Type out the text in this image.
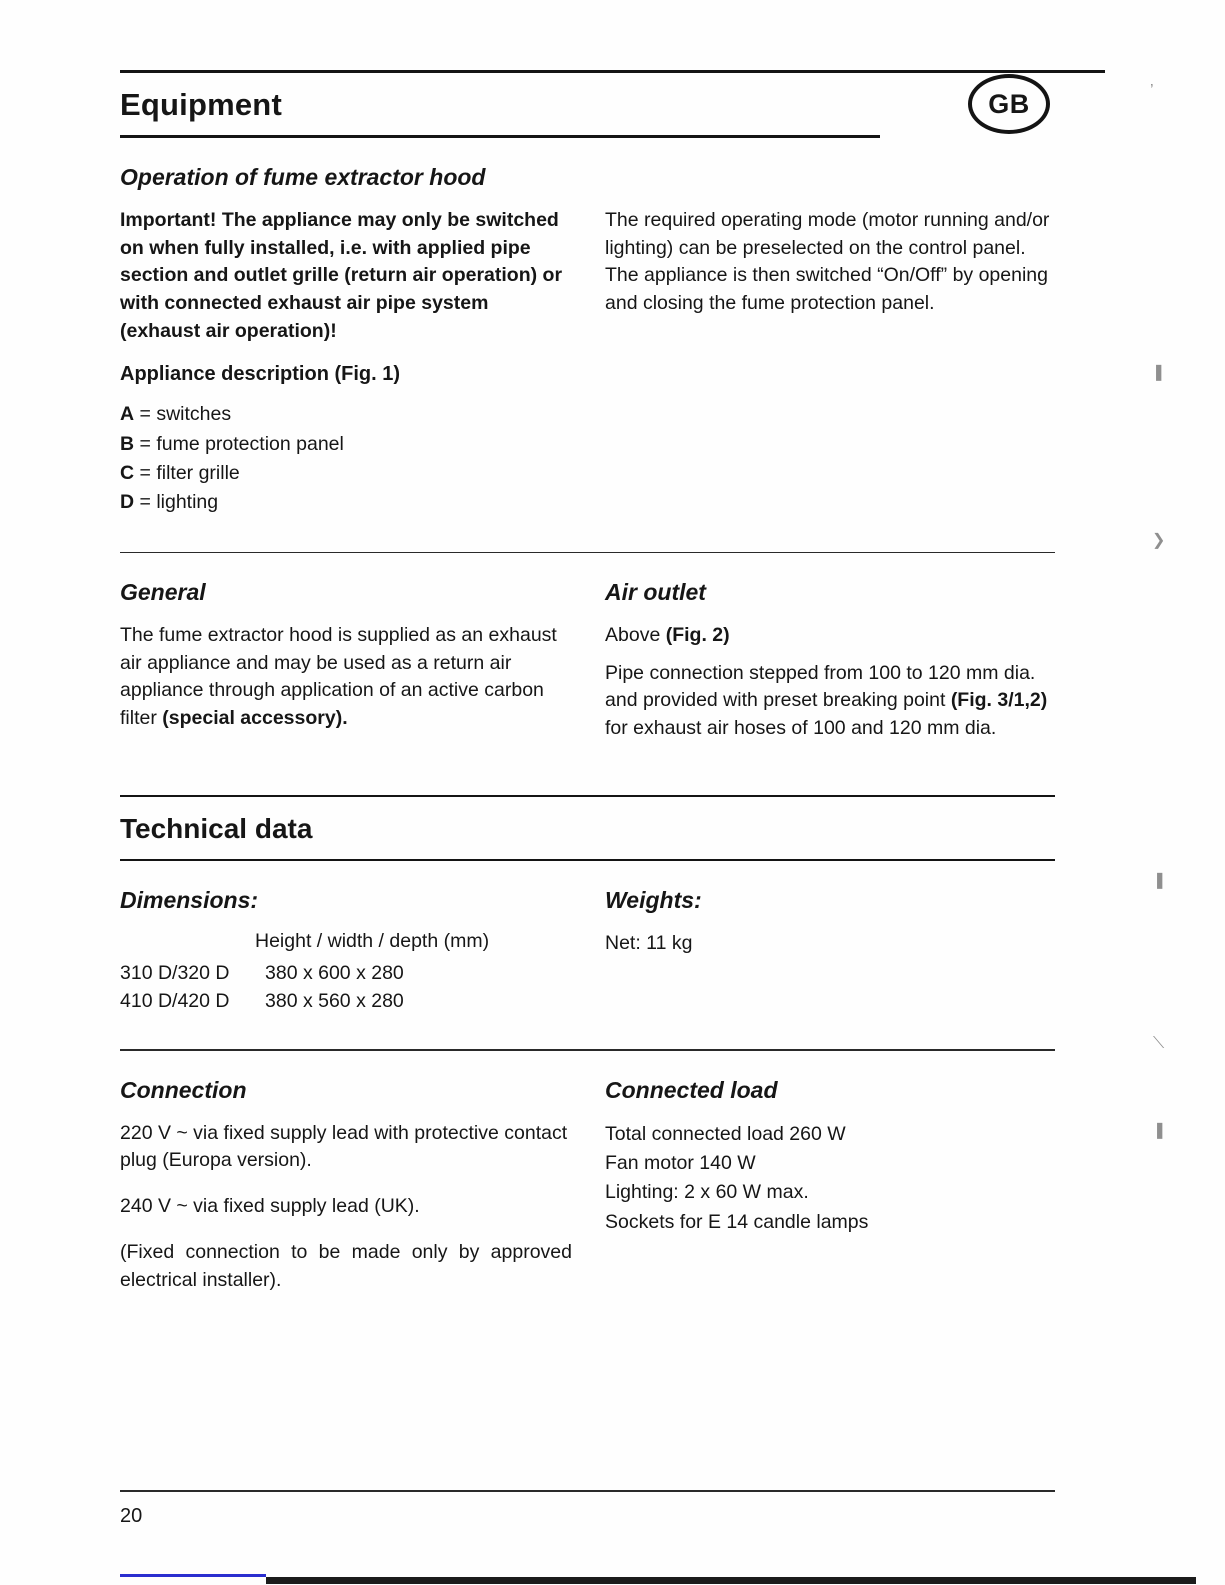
GB	’
❚
❯
❚
⟍
❚
Equipment
Operation of fume extractor hood

Important! The appliance may only be switched on when fully installed, i.e. with applied pipe section and outlet grille (return air operation) or with connected exhaust air pipe system (exhaust air operation)!

Appliance description (Fig. 1)
A = switches
B = fume protection panel
C = filter grille
D = lighting

The required operating mode (motor running and/or lighting) can be preselected on the control panel. The appliance is then switched “On/Off” by opening and closing the fume protection panel.

General

The fume extractor hood is supplied as an exhaust air appliance and may be used as a return air appliance through application of an active carbon filter (special accessory).

Air outlet

Above (Fig. 2)

Pipe connection stepped from 100 to 120 mm dia. and provided with preset breaking point (Fig. 3/1,2) for exhaust air hoses of 100 and 120 mm dia.

Technical data
Dimensions:
Height / width / depth (mm)
310 D/320 D	380 x 600 x 280
410 D/420 D	380 x 560 x 280
Weights:

Net: 11 kg

Connection

220 V ~ via fixed supply lead with protective contact plug (Europa version).

240 V ~ via fixed supply lead (UK).

(Fixed connection to be made only by approved electrical installer).

Connected load
Total connected load 260 W
Fan motor 140 W
Lighting: 2 x 60 W max.
Sockets for E 14 candle lamps
20
